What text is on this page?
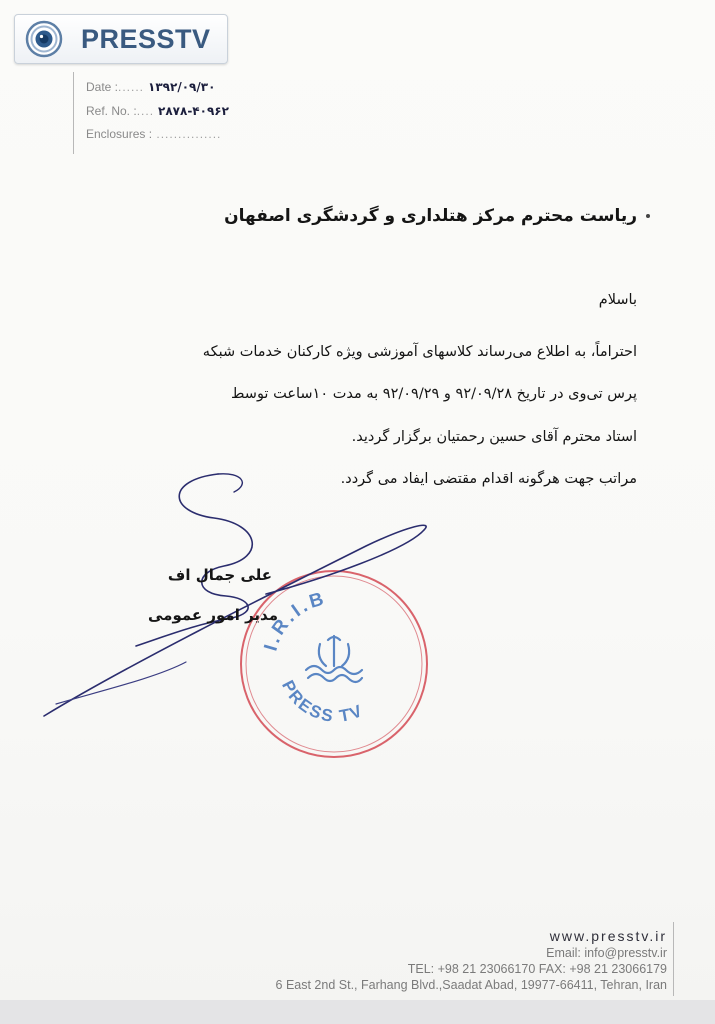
PRESSTV
Date :...... ۱۳۹۲/۰۹/۳۰
Ref. No. :.... ۲۸۷۸-۴۰۹۶۲
Enclosures : ...............
ریاست محترم مرکز هتلداری و گردشگری اصفهان
باسلام
احتراماً، به اطلاع می‌رساند کلاسهای آموزشی ویژه کارکنان خدمات شبکه
پرس تی‌وی در تاریخ ۹۲/۰۹/۲۸ و ۹۲/۰۹/۲۹ به مدت ۱۰ساعت توسط
استاد محترم آقای حسین رحمتیان برگزار گردید.
مراتب جهت هرگونه اقدام مقتضی ایفاد می گردد.
I.R.I.B
PRESS TV
علی جمال اف
مدیر امور عمومی
www.presstv.ir
Email: info@presstv.ir
TEL: +98 21 23066170 FAX: +98 21 23066179
6 East 2nd St., Farhang Blvd.,Saadat Abad, 19977-66411, Tehran, Iran
